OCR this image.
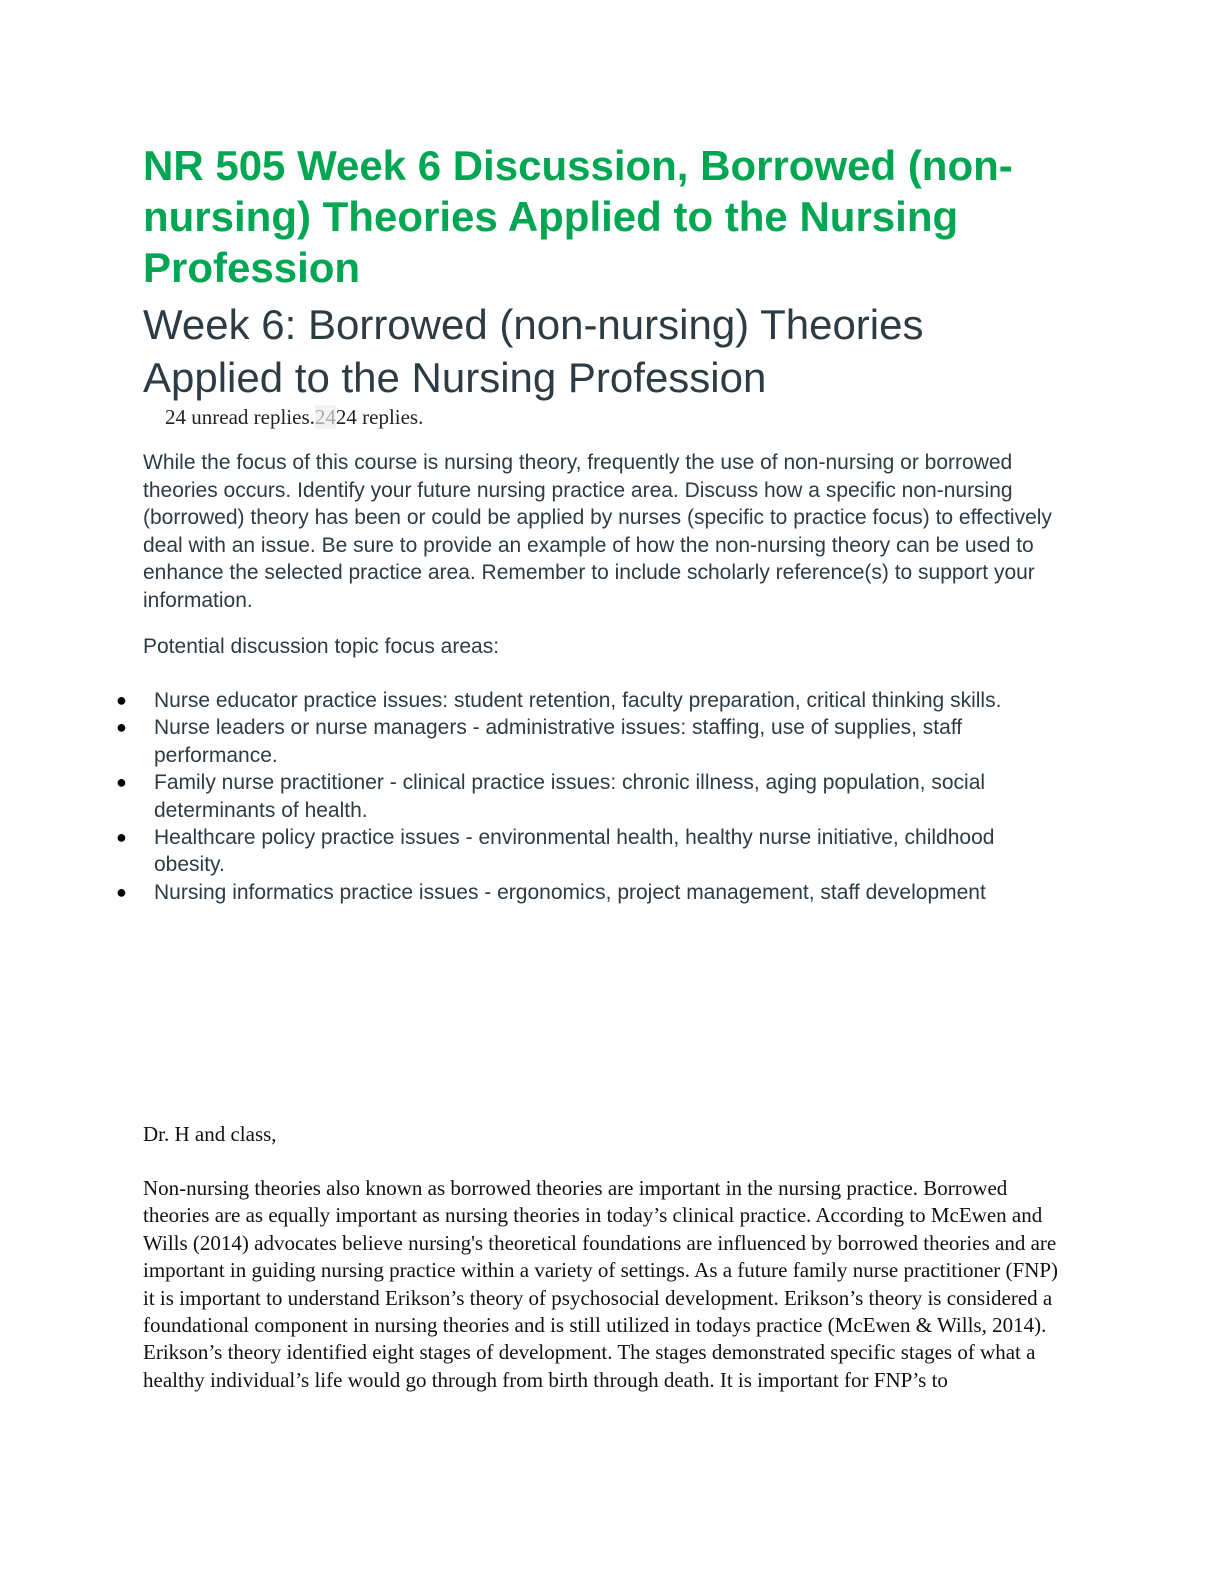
NR 505 Week 6 Discussion, Borrowed (non-nursing) Theories Applied to the Nursing Profession
Week 6: Borrowed (non-nursing) Theories Applied to the Nursing Profession
24 unread replies.2424 replies.

While the focus of this course is nursing theory, frequently the use of non-nursing or borrowed theories occurs. Identify your future nursing practice area. Discuss how a specific non-nursing (borrowed) theory has been or could be applied by nurses (specific to practice focus) to effectively deal with an issue. Be sure to provide an example of how the non-nursing theory can be used to enhance the selected practice area. Remember to include scholarly reference(s) to support your information.

Potential discussion topic focus areas:

● Nurse educator practice issues: student retention, faculty preparation, critical thinking skills.
● Nurse leaders or nurse managers - administrative issues: staffing, use of supplies, staff performance.
● Family nurse practitioner - clinical practice issues: chronic illness, aging population, social determinants of health.
● Healthcare policy practice issues - environmental health, healthy nurse initiative, childhood obesity.
● Nursing informatics practice issues - ergonomics, project management, staff development

Dr. H and class,

Non-nursing theories also known as borrowed theories are important in the nursing practice. Borrowed theories are as equally important as nursing theories in today’s clinical practice. According to McEwen and Wills (2014) advocates believe nursing's theoretical foundations are influenced by borrowed theories and are important in guiding nursing practice within a variety of settings. As a future family nurse practitioner (FNP) it is important to understand Erikson’s theory of psychosocial development. Erikson’s theory is considered a foundational component in nursing theories and is still utilized in todays practice (McEwen & Wills, 2014). Erikson’s theory identified eight stages of development. The stages demonstrated specific stages of what a healthy individual’s life would go through from birth through death. It is important for FNP’s to
